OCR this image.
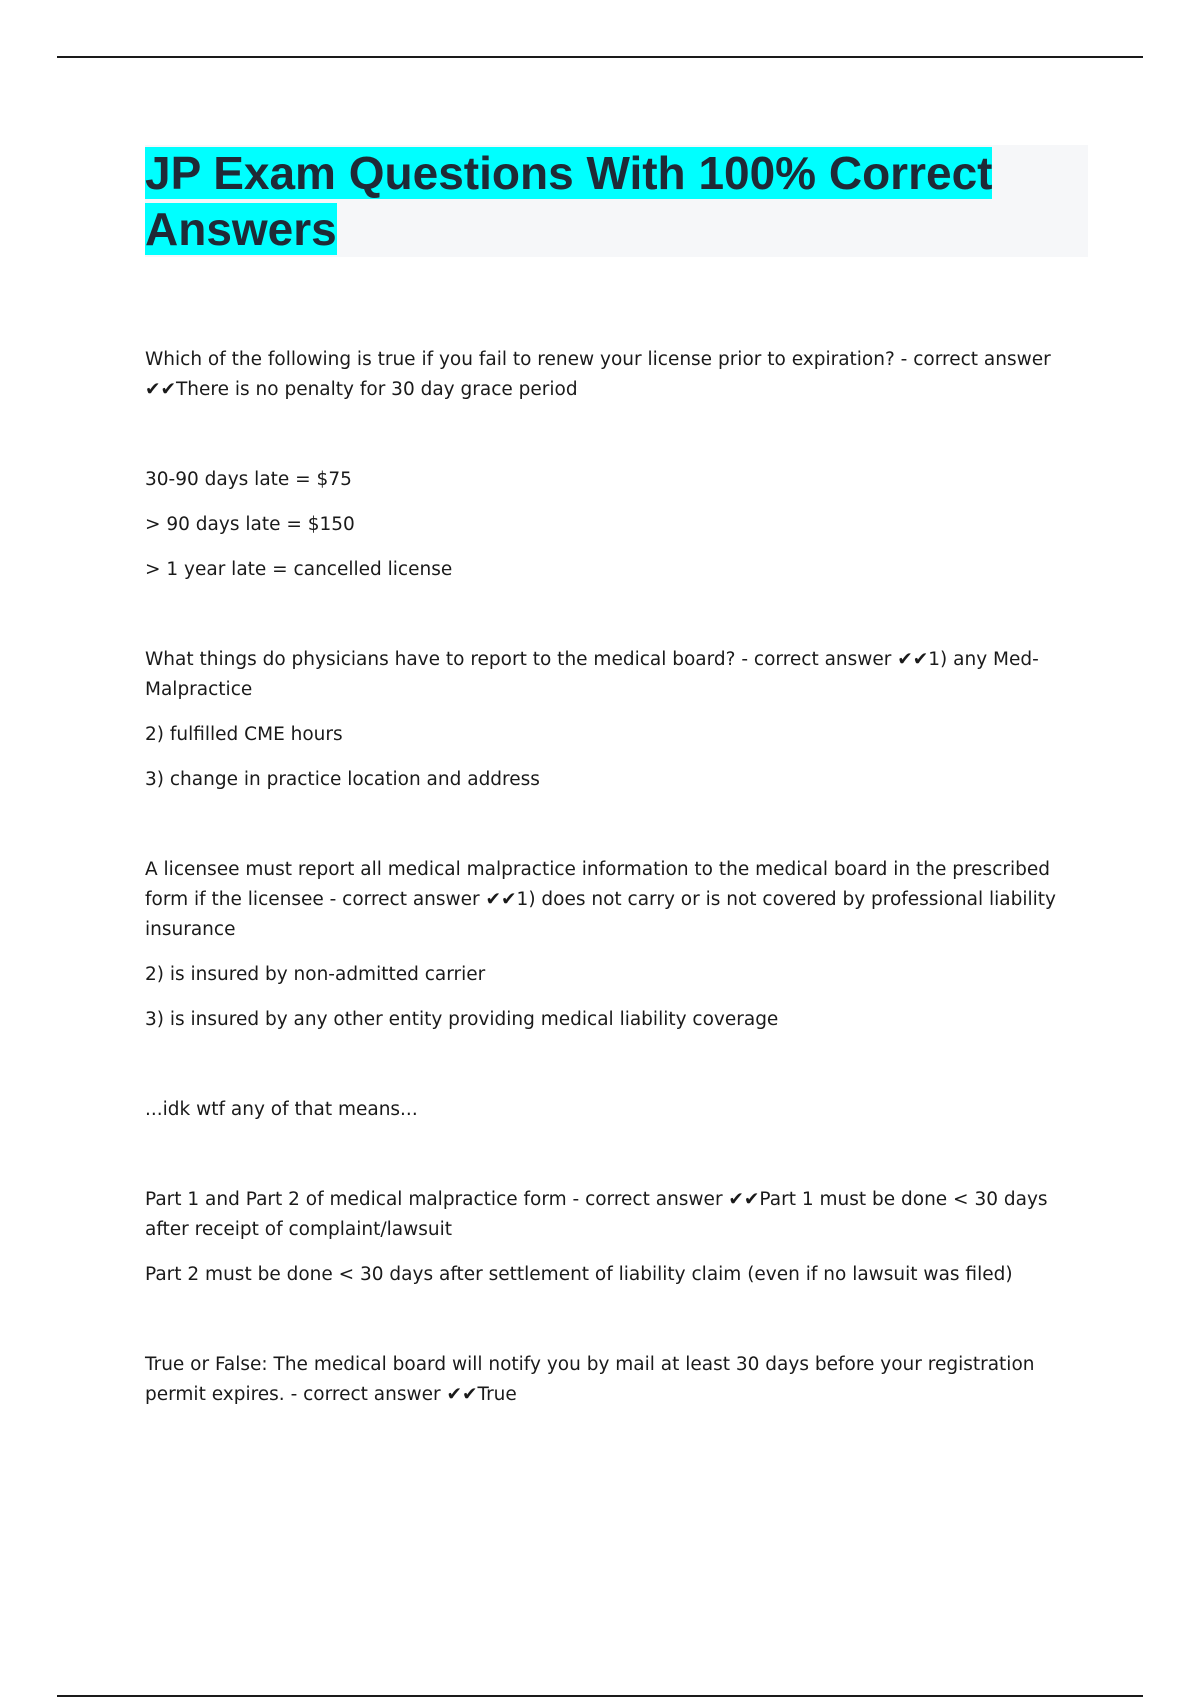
JP Exam Questions With 100% Correct
Answers

Which of the following is true if you fail to renew your license prior to expiration? - correct answer ✔✔There is no penalty for 30 day grace period

30-90 days late = $75

> 90 days late = $150

> 1 year late = cancelled license

What things do physicians have to report to the medical board? - correct answer ✔✔1) any Med-Malpractice

2) fulfilled CME hours

3) change in practice location and address

A licensee must report all medical malpractice information to the medical board in the prescribed form if the licensee - correct answer ✔✔1) does not carry or is not covered by professional liability insurance

2) is insured by non-admitted carrier

3) is insured by any other entity providing medical liability coverage

...idk wtf any of that means...

Part 1 and Part 2 of medical malpractice form - correct answer ✔✔Part 1 must be done < 30 days after receipt of complaint/lawsuit

Part 2 must be done < 30 days after settlement of liability claim (even if no lawsuit was filed)

True or False: The medical board will notify you by mail at least 30 days before your registration permit expires. - correct answer ✔✔True
